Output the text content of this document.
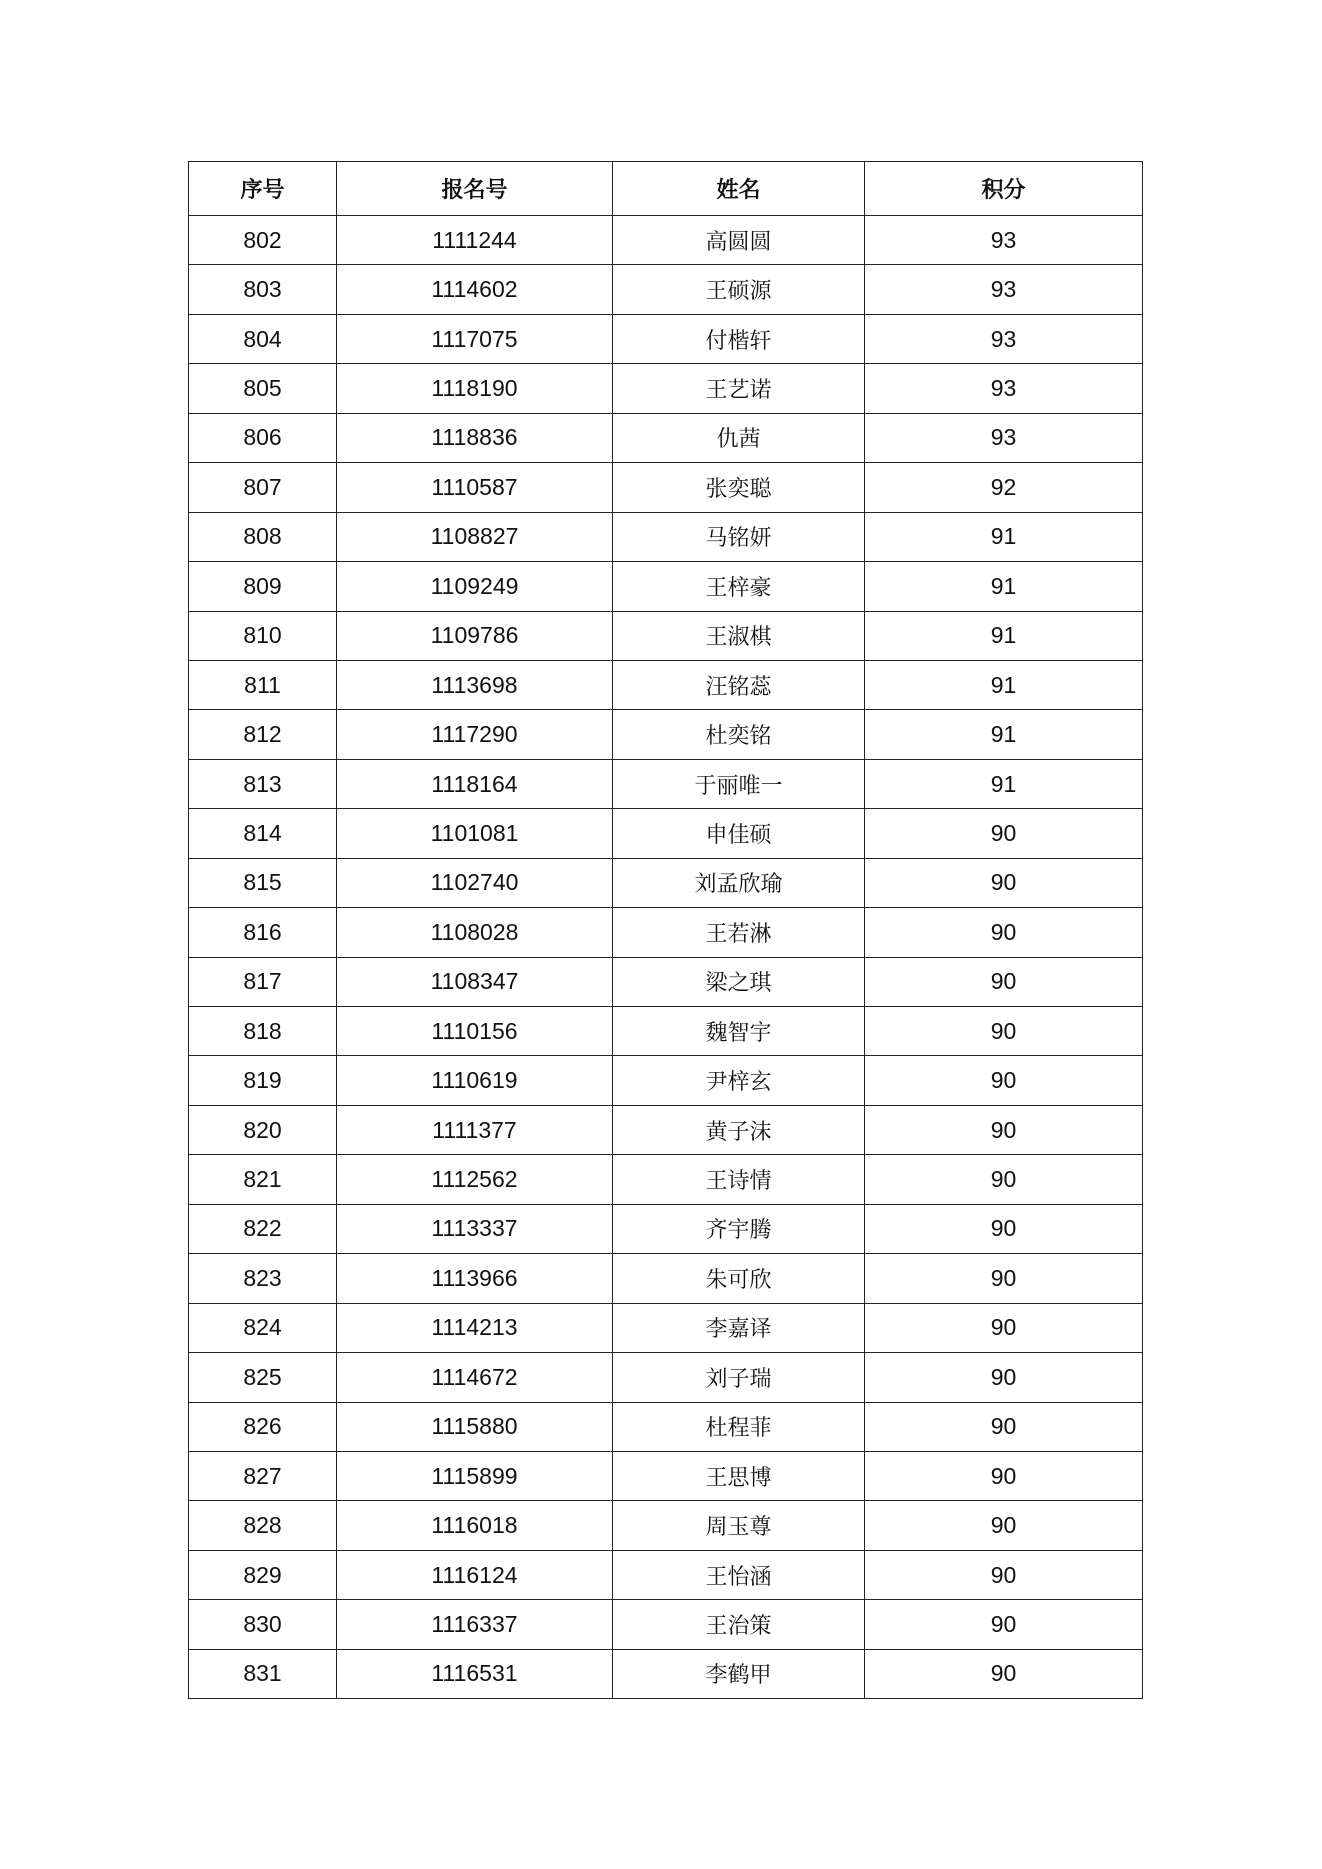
序号	报名号	姓名	积分
802	1111244	高圆圆	93
803	1114602	王硕源	93
804	1117075	付楷轩	93
805	1118190	王艺诺	93
806	1118836	仇茜	93
807	1110587	张奕聪	92
808	1108827	马铭妍	91
809	1109249	王梓豪	91
810	1109786	王淑棋	91
811	1113698	汪铭蕊	91
812	1117290	杜奕铭	91
813	1118164	于丽唯一	91
814	1101081	申佳硕	90
815	1102740	刘孟欣瑜	90
816	1108028	王若淋	90
817	1108347	梁之琪	90
818	1110156	魏智宇	90
819	1110619	尹梓玄	90
820	1111377	黄子沫	90
821	1112562	王诗情	90
822	1113337	齐宇腾	90
823	1113966	朱可欣	90
824	1114213	李嘉译	90
825	1114672	刘子瑞	90
826	1115880	杜程菲	90
827	1115899	王思博	90
828	1116018	周玉尊	90
829	1116124	王怡涵	90
830	1116337	王治策	90
831	1116531	李鹤甲	90
